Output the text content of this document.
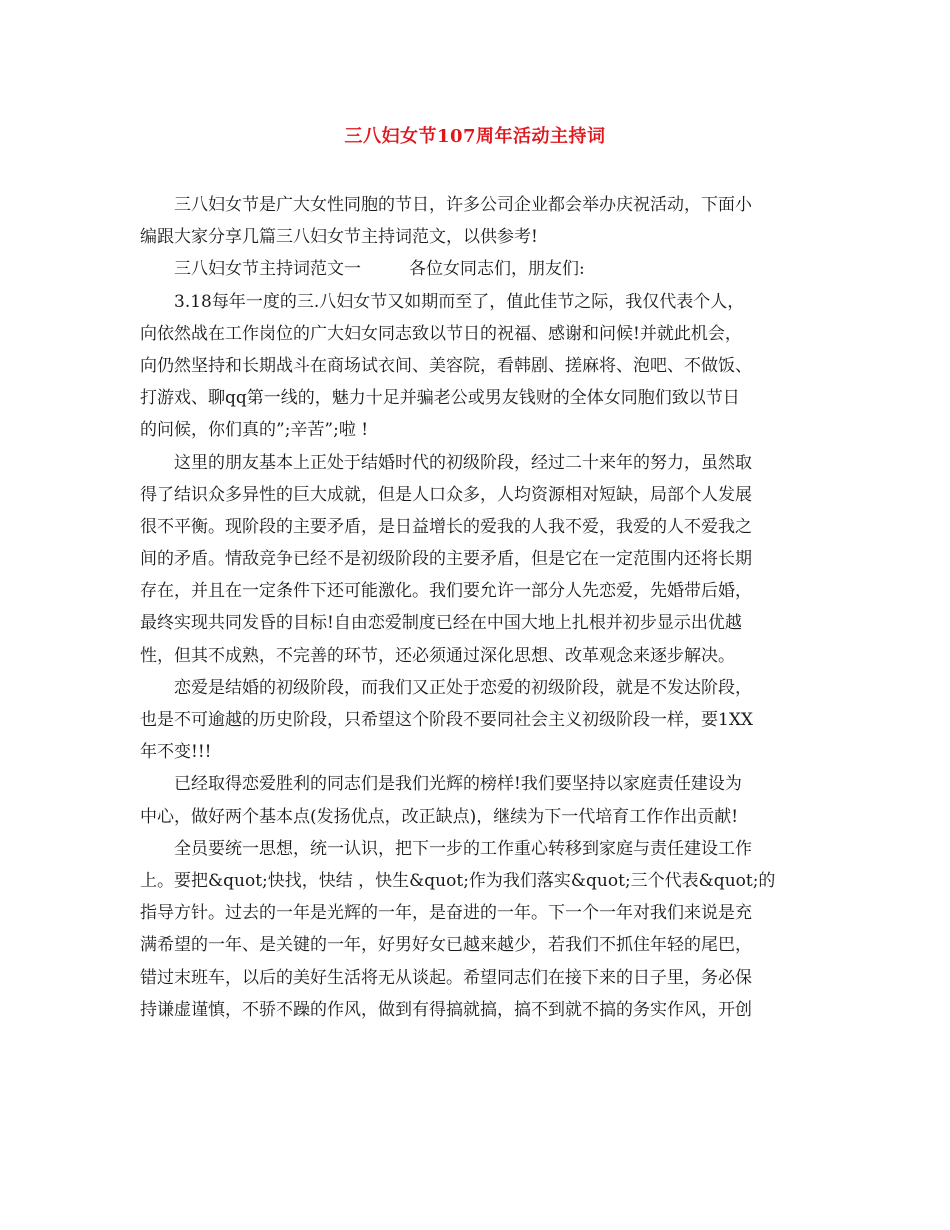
三八妇女节107周年活动主持词
三八妇女节是广大女性同胞的节日，许多公司企业都会举办庆祝活动，下面小
编跟大家分享几篇三八妇女节主持词范文，以供参考!
三八妇女节主持词范文一	各位女同志们，朋友们:
3.18每年一度的三.八妇女节又如期而至了，值此佳节之际，我仅代表个人，
向依然战在工作岗位的广大妇女同志致以节日的祝福、感谢和问候!并就此机会，
向仍然坚持和长期战斗在商场试衣间、美容院，看韩剧、搓麻将、泡吧、不做饭、
打游戏、聊qq第一线的，魅力十足并骗老公或男友钱财的全体女同胞们致以节日
的问候，你们真的”;辛苦”;啦 !
这里的朋友基本上正处于结婚时代的初级阶段，经过二十来年的努力，虽然取
得了结识众多异性的巨大成就，但是人口众多，人均资源相对短缺，局部个人发展
很不平衡。现阶段的主要矛盾，是日益增长的爱我的人我不爱，我爱的人不爱我之
间的矛盾。情敌竞争已经不是初级阶段的主要矛盾，但是它在一定范围内还将长期
存在，并且在一定条件下还可能激化。我们要允许一部分人先恋爱，先婚带后婚，
最终实现共同发昏的目标!自由恋爱制度已经在中国大地上扎根并初步显示出优越
性，但其不成熟，不完善的环节，还必须通过深化思想、改革观念来逐步解决。
恋爱是结婚的初级阶段，而我们又正处于恋爱的初级阶段，就是不发达阶段，
也是不可逾越的历史阶段，只希望这个阶段不要同社会主义初级阶段一样，要1XX
年不变!!!
已经取得恋爱胜利的同志们是我们光辉的榜样!我们要坚持以家庭责任建设为
中心，做好两个基本点(发扬优点，改正缺点)，继续为下一代培育工作作出贡献!
全员要统一思想，统一认识，把下一步的工作重心转移到家庭与责任建设工作
上。要把&quot;快找，快结 ，快生&quot;作为我们落实&quot;三个代表&quot;的
指导方针。过去的一年是光辉的一年，是奋进的一年。下一个一年对我们来说是充
满希望的一年、是关键的一年，好男好女已越来越少，若我们不抓住年轻的尾巴，
错过末班车，以后的美好生活将无从谈起。希望同志们在接下来的日子里，务必保
持谦虚谨慎，不骄不躁的作风，做到有得搞就搞，搞不到就不搞的务实作风，开创
